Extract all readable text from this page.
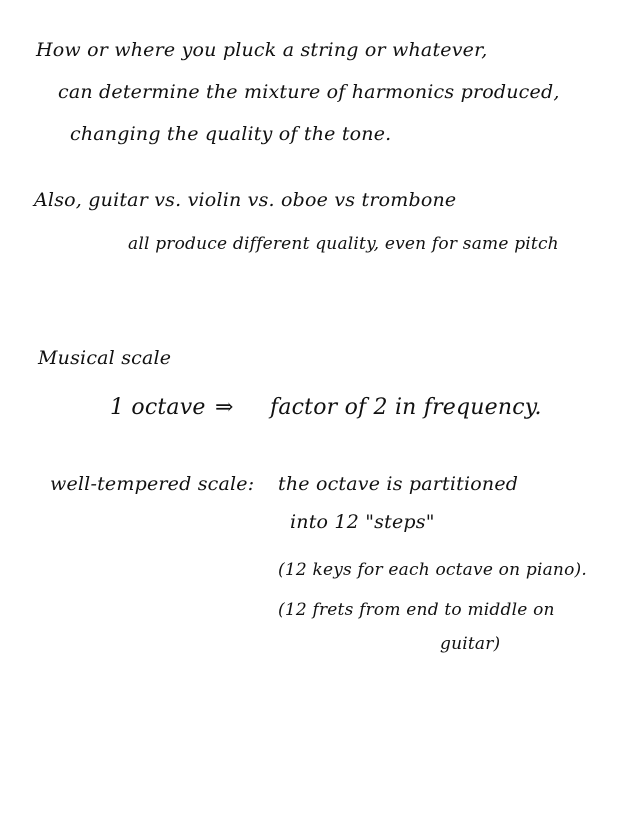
How or where you pluck a string or whatever,
can determine the mixture of harmonics produced,
changing the quality of the tone.
Also, guitar vs. violin vs. oboe vs trombone
all produce different quality, even for same pitch
Musical scale
1 octave ⇒ factor of 2 in frequency.
well-tempered scale: the octave is partitioned
into 12 "steps"
(12 keys for each octave on piano).
(12 frets from end to middle on
guitar)
